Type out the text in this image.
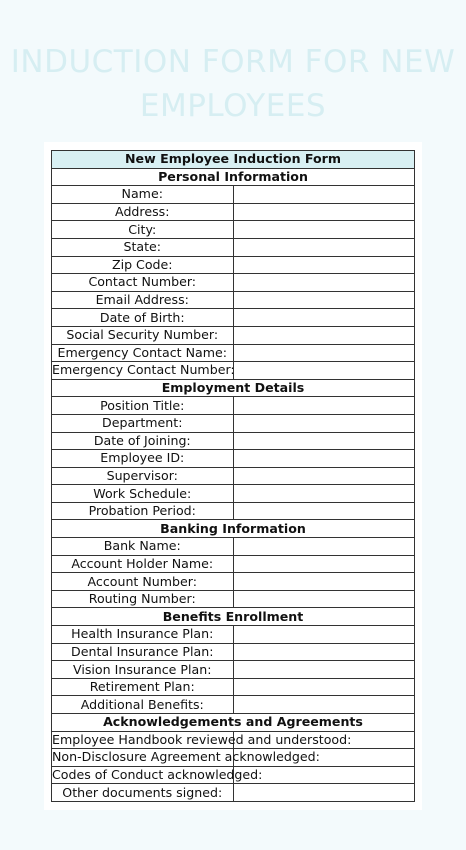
INDUCTION FORM FOR NEW EMPLOYEES
New Employee Induction Form	
Personal Information	
Name:	
Address:	
City:	
State:	
Zip Code:	
Contact Number:	
Email Address:	
Date of Birth:	
Social Security Number:	
Emergency Contact Name:	
Emergency Contact Number:	
Employment Details	
Position Title:	
Department:	
Date of Joining:	
Employee ID:	
Supervisor:	
Work Schedule:	
Probation Period:	
Banking Information	
Bank Name:	
Account Holder Name:	
Account Number:	
Routing Number:	
Benefits Enrollment	
Health Insurance Plan:	
Dental Insurance Plan:	
Vision Insurance Plan:	
Retirement Plan:	
Additional Benefits:	
Acknowledgements and Agreements	
Employee Handbook reviewed and understood:	
Non-Disclosure Agreement acknowledged:	
Codes of Conduct acknowledged:	
Other documents signed:	
